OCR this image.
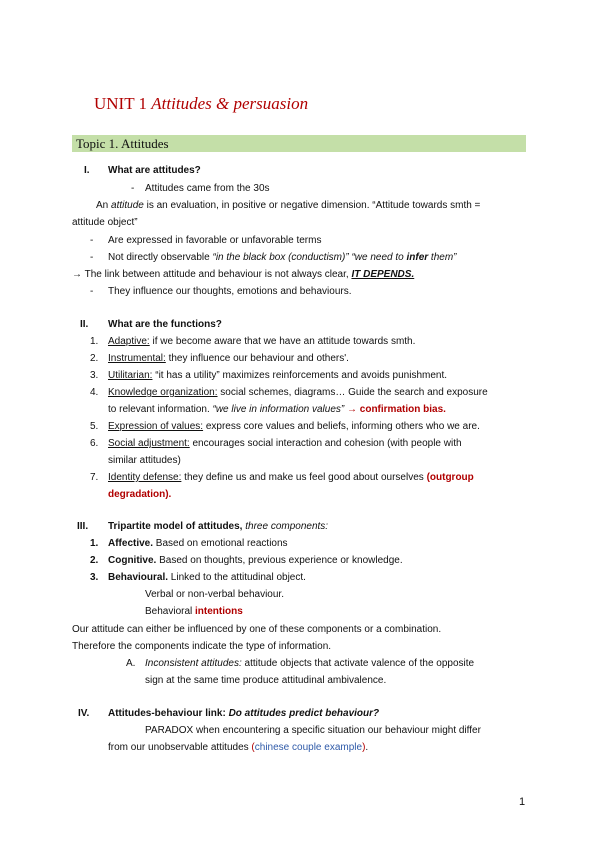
UNIT 1 Attitudes & persuasion
Topic 1. Attitudes
I. What are attitudes?
- Attitudes came from the 30s
An attitude is an evaluation, in positive or negative dimension. “Attitude towards smth =
attitude object”
- Are expressed in favorable or unfavorable terms
- Not directly observable “in the black box (conductism)” “we need to infer them”
→ The link between attitude and behaviour is not always clear, IT DEPENDS.
- They influence our thoughts, emotions and behaviours.
II. What are the functions?
1. Adaptive: if we become aware that we have an attitude towards smth.
2. Instrumental: they influence our behaviour and others'.
3. Utilitarian: “it has a utility” maximizes reinforcements and avoids punishment.
4. Knowledge organization: social schemes, diagrams… Guide the search and exposure
to relevant information. “we live in information values” → confirmation bias.
5. Expression of values: express core values and beliefs, informing others who we are.
6. Social adjustment: encourages social interaction and cohesion (with people with
similar attitudes)
7. Identity defense: they define us and make us feel good about ourselves (outgroup
degradation).
III. Tripartite model of attitudes, three components:
1. Affective. Based on emotional reactions
2. Cognitive. Based on thoughts, previous experience or knowledge.
3. Behavioural. Linked to the attitudinal object.
Verbal or non-verbal behaviour.
Behavioral intentions
Our attitude can either be influenced by one of these components or a combination.
Therefore the components indicate the type of information.
A. Inconsistent attitudes: attitude objects that activate valence of the opposite
sign at the same time produce attitudinal ambivalence.
IV. Attitudes-behaviour link: Do attitudes predict behaviour?
PARADOX when encountering a specific situation our behaviour might differ
from our unobservable attitudes (chinese couple example).
1
